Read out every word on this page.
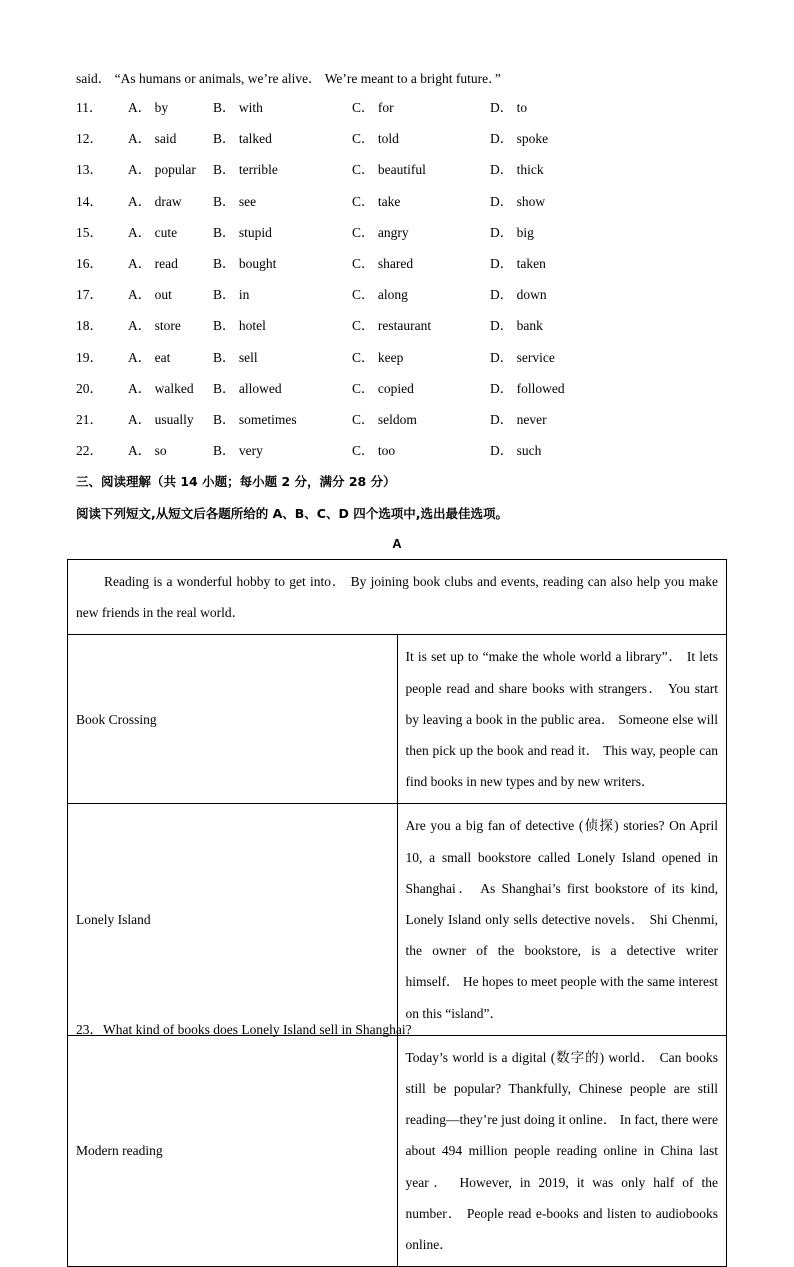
said． “As humans or animals, we’re alive． We’re meant to a bright future．”
11．	A． by	B． with	C． for	D． to
12．	A． said	B． talked	C． told	D． spoke
13．	A． popular	B． terrible	C． beautiful	D． thick
14．	A． draw	B． see	C． take	D． show
15．	A． cute	B． stupid	C． angry	D． big
16．	A． read	B． bought	C． shared	D． taken
17．	A． out	B． in	C． along	D． down
18．	A． store	B． hotel	C． restaurant	D． bank
19．	A． eat	B． sell	C． keep	D． service
20．	A． walked	B． allowed	C． copied	D． followed
21．	A． usually	B． sometimes	C． seldom	D． never
22．	A． so	B． very	C． too	D． such
三、阅读理解（共 14 小题；每小题 2 分，满分 28 分）
阅读下列短文,从短文后各题所给的 A、B、C、D 四个选项中,选出最佳选项。
A
Reading is a wonderful hobby to get into． By joining book clubs and events, reading can also help you make new friends in the real world．	
Book Crossing	It is set up to “make the whole world a library”． It lets people read and share books with strangers． You start by leaving a book in the public area． Someone else will then pick up the book and read it． This way, people can find books in new types and by new writers．
Lonely Island	Are you a big fan of detective (侦探) stories? On April 10, a small bookstore called Lonely Island opened in Shanghai． As Shanghai’s first bookstore of its kind, Lonely Island only sells detective novels． Shi Chenmi, the owner of the bookstore, is a detective writer himself． He hopes to meet people with the same interest on this “island”．
Modern reading	Today’s world is a digital (数字的) world． Can books still be popular? Thankfully, Chinese people are still reading—they’re just doing it online． In fact, there were about 494 million people reading online in China last year． However, in 2019, it was only half of the number． People read e-books and listen to audiobooks online．
23．What kind of books does Lonely Island sell in Shanghai?
